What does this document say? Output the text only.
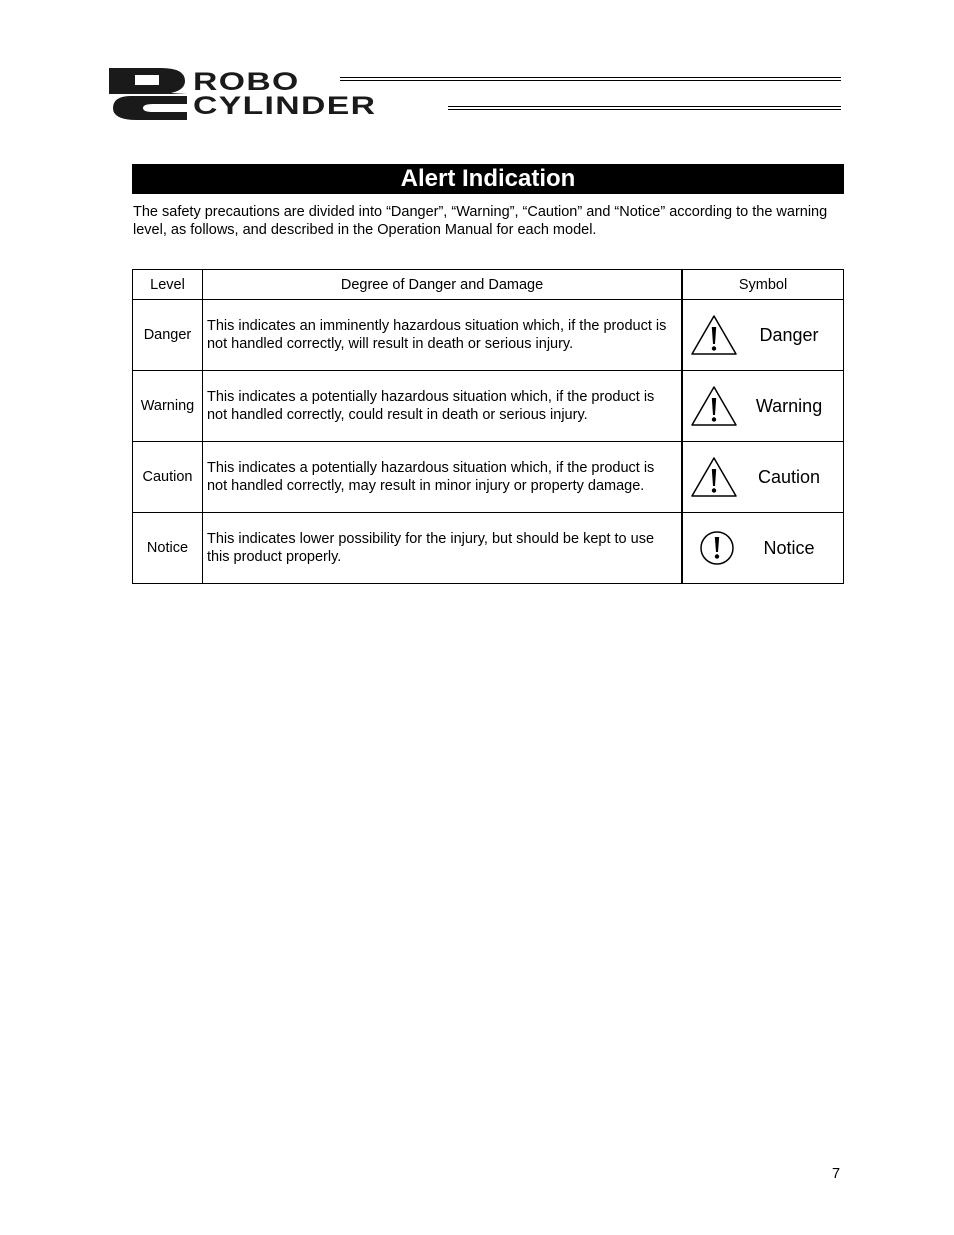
ROBO
CYLINDER
Alert Indication
The safety precautions are divided into “Danger”, “Warning”, “Caution” and “Notice” according to the warning level, as follows, and described in the Operation Manual for each model.
Level	Degree of Danger and Damage	Symbol
Danger	This indicates an imminently hazardous situation which, if the product is not handled correctly, will result in death or serious injury.	Danger

Warning	This indicates a potentially hazardous situation which, if the product is not handled correctly, could result in death or serious injury.	Warning

Caution	This indicates a potentially hazardous situation which, if the product is not handled correctly, may result in minor injury or property damage.	Caution

Notice	This indicates lower possibility for the injury, but should be kept to use this product properly.	Notice
7
